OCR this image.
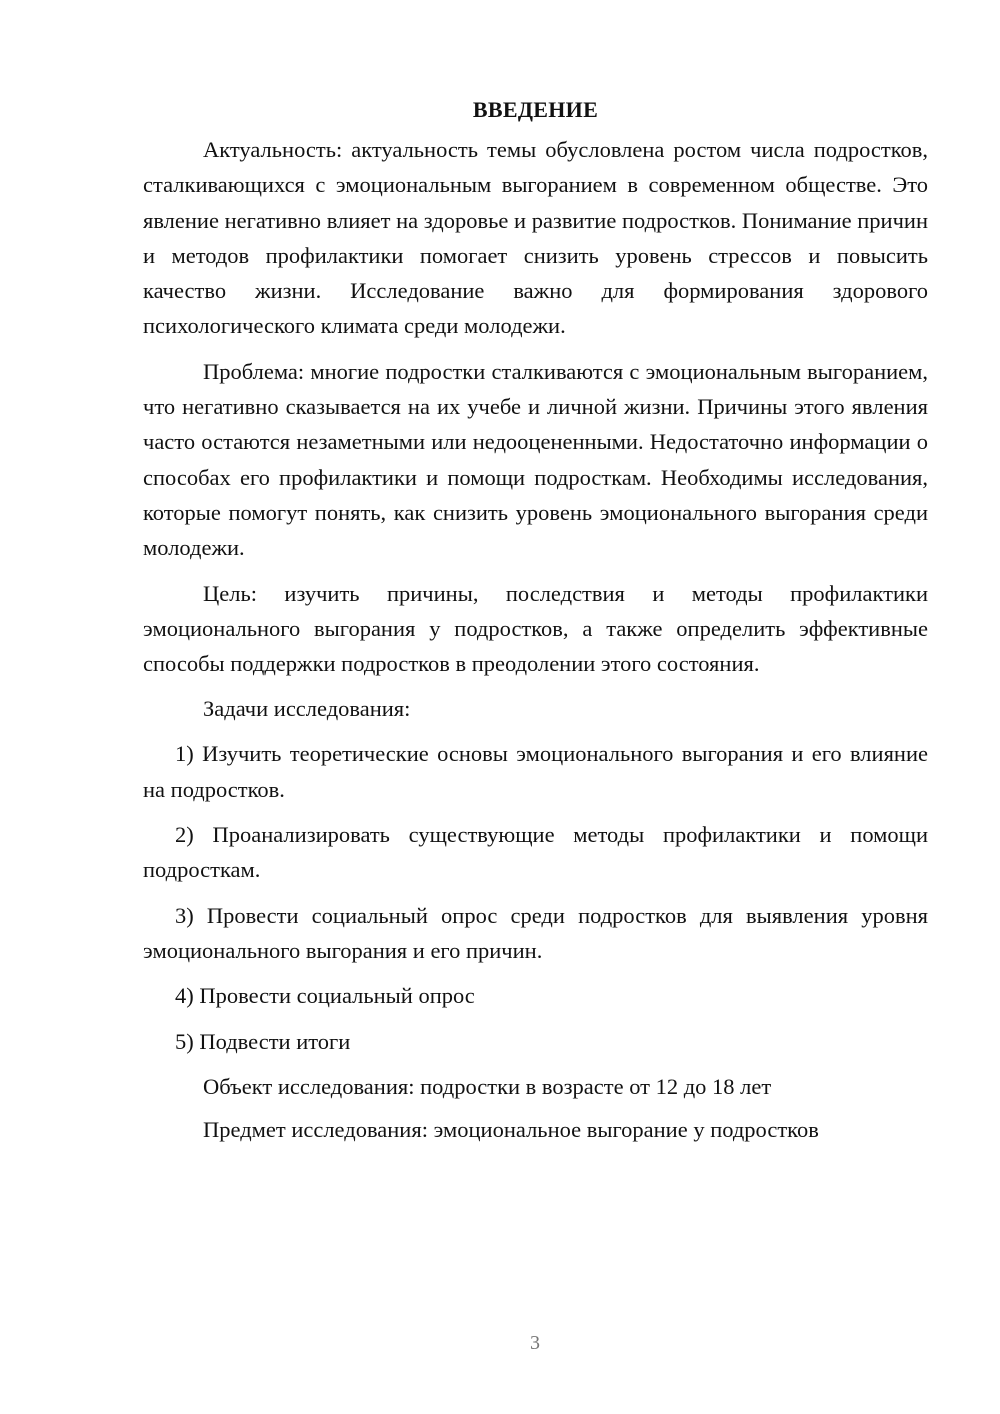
ВВЕДЕНИЕ

Актуальность: актуальность темы обусловлена ростом числа подростков, сталкивающихся с эмоциональным выгоранием в современном обществе. Это явление негативно влияет на здоровье и развитие подростков. Понимание причин и методов профилактики помогает снизить уровень стрессов и повысить качество жизни. Исследование важно для формирования здорового психологического климата среди молодежи.

Проблема: многие подростки сталкиваются с эмоциональным выгоранием, что негативно сказывается на их учебе и личной жизни. Причины этого явления часто остаются незаметными или недооцененными. Недостаточно информации о способах его профилактики и помощи подросткам. Необходимы исследования, которые помогут понять, как снизить уровень эмоционального выгорания среди молодежи.

Цель: изучить причины, последствия и методы профилактики эмоционального выгорания у подростков, а также определить эффективные способы поддержки подростков в преодолении этого состояния.

Задачи исследования:

1) Изучить теоретические основы эмоционального выгорания и его влияние на подростков.

2) Проанализировать существующие методы профилактики и помощи подросткам.

3) Провести социальный опрос среди подростков для выявления уровня эмоционального выгорания и его причин.

4) Провести социальный опрос

5) Подвести итоги

Объект исследования: подростки в возрасте от 12 до 18 лет

Предмет исследования: эмоциональное выгорание у подростков

3
